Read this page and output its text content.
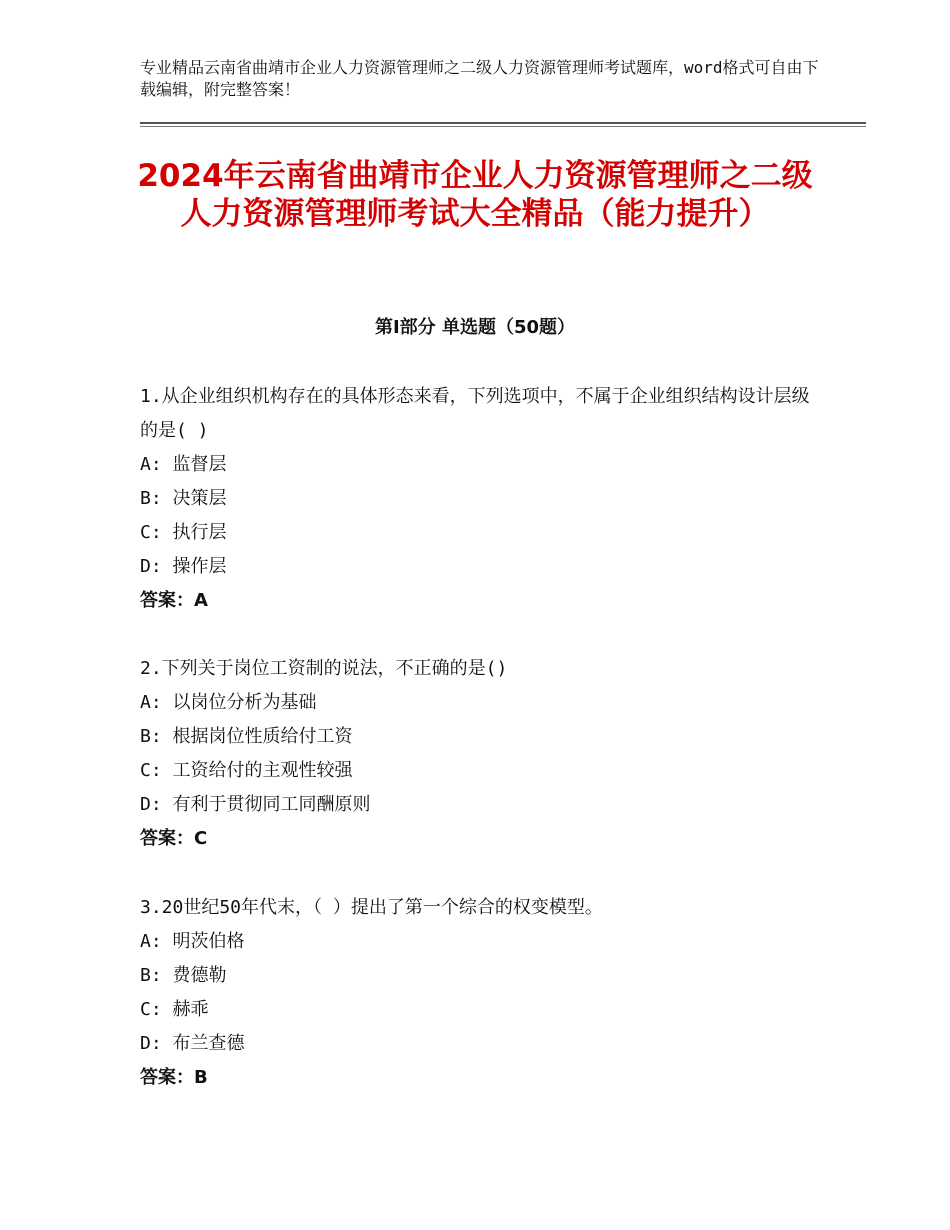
专业精品云南省曲靖市企业人力资源管理师之二级人力资源管理师考试题库，word格式可自由下载编辑，附完整答案！
2024年云南省曲靖市企业人力资源管理师之二级人力资源管理师考试大全精品（能力提升）
第Ⅰ部分 单选题（50题）

1.从企业组织机构存在的具体形态来看，下列选项中，不属于企业组织结构设计层级的是( )

A: 监督层

B: 决策层

C: 执行层

D: 操作层

答案：A

2.下列关于岗位工资制的说法，不正确的是()

A: 以岗位分析为基础

B: 根据岗位性质给付工资

C: 工资给付的主观性较强

D: 有利于贯彻同工同酬原则

答案：C

3.20世纪50年代末，（ ）提出了第一个综合的权变模型。

A: 明茨伯格

B: 费德勒

C: 赫乖

D: 布兰查德

答案：B
